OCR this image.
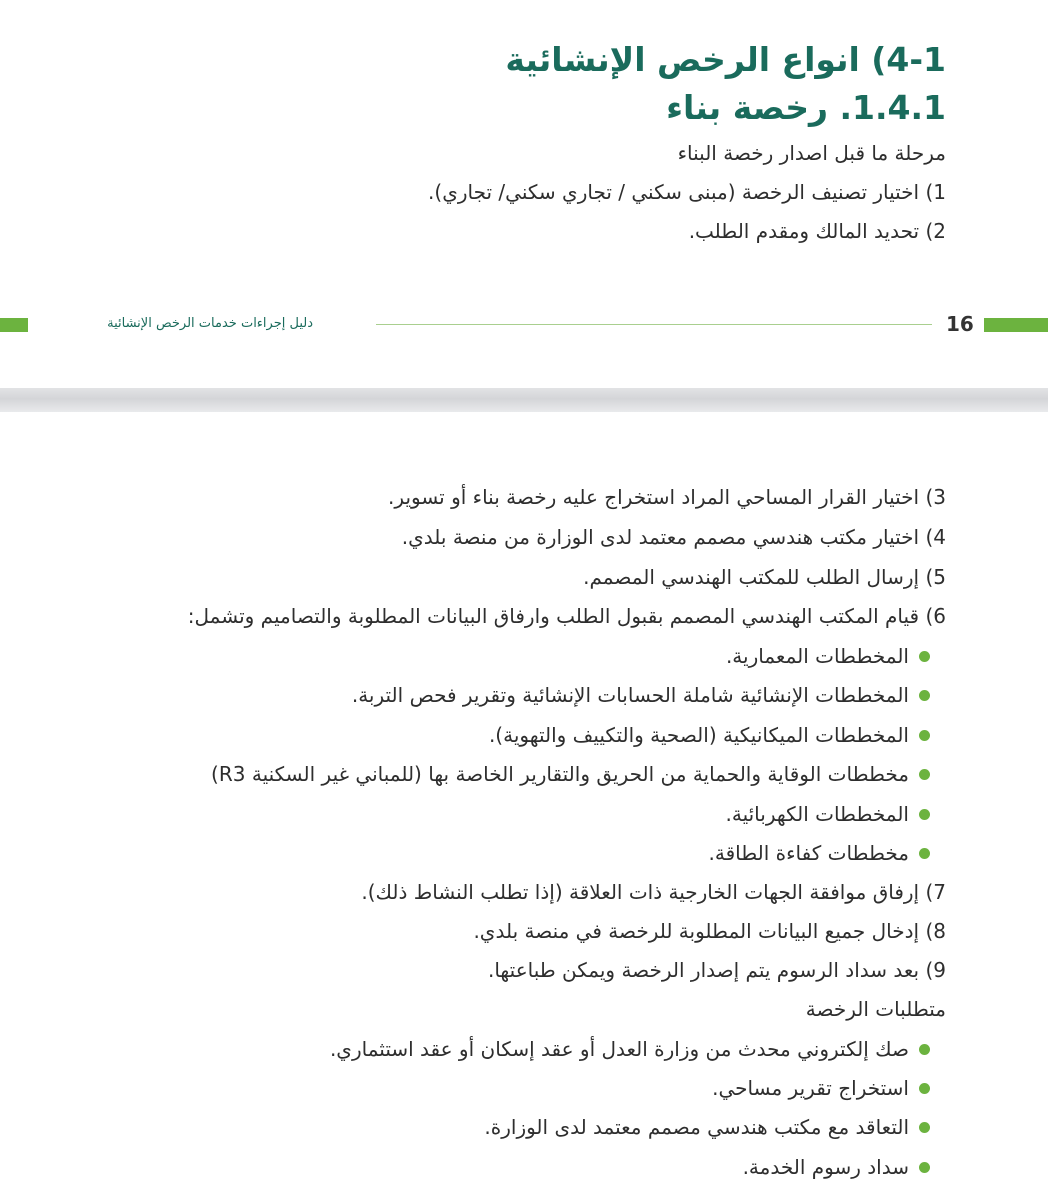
4-1) انواع الرخص الإنشائية
1.4.1. رخصة بناء
مرحلة ما قبل اصدار رخصة البناء
1) اختيار تصنيف الرخصة (مبنى سكني / تجاري سكني/ تجاري).
2) تحديد المالك ومقدم الطلب.
دليل إجراءات خدمات الرخص الإنشائية	16
3) اختيار القرار المساحي المراد استخراج عليه رخصة بناء أو تسوير.
4) اختيار مكتب هندسي مصمم معتمد لدى الوزارة من منصة بلدي.
5) إرسال الطلب للمكتب الهندسي المصمم.
6) قيام المكتب الهندسي المصمم بقبول الطلب وارفاق البيانات المطلوبة والتصاميم وتشمل:
المخططات المعمارية.
المخططات الإنشائية شاملة الحسابات الإنشائية وتقرير فحص التربة.
المخططات الميكانيكية (الصحية والتكييف والتهوية).
مخططات الوقاية والحماية من الحريق والتقارير الخاصة بها (للمباني غير السكنية R3)
المخططات الكهربائية.
مخططات كفاءة الطاقة.
7) إرفاق موافقة الجهات الخارجية ذات العلاقة (إذا تطلب النشاط ذلك).
8) إدخال جميع البيانات المطلوبة للرخصة في منصة بلدي.
9) بعد سداد الرسوم يتم إصدار الرخصة ويمكن طباعتها.
متطلبات الرخصة
صك إلكتروني محدث من وزارة العدل أو عقد إسكان أو عقد استثماري.
استخراج تقرير مساحي.
التعاقد مع مكتب هندسي مصمم معتمد لدى الوزارة.
سداد رسوم الخدمة.
